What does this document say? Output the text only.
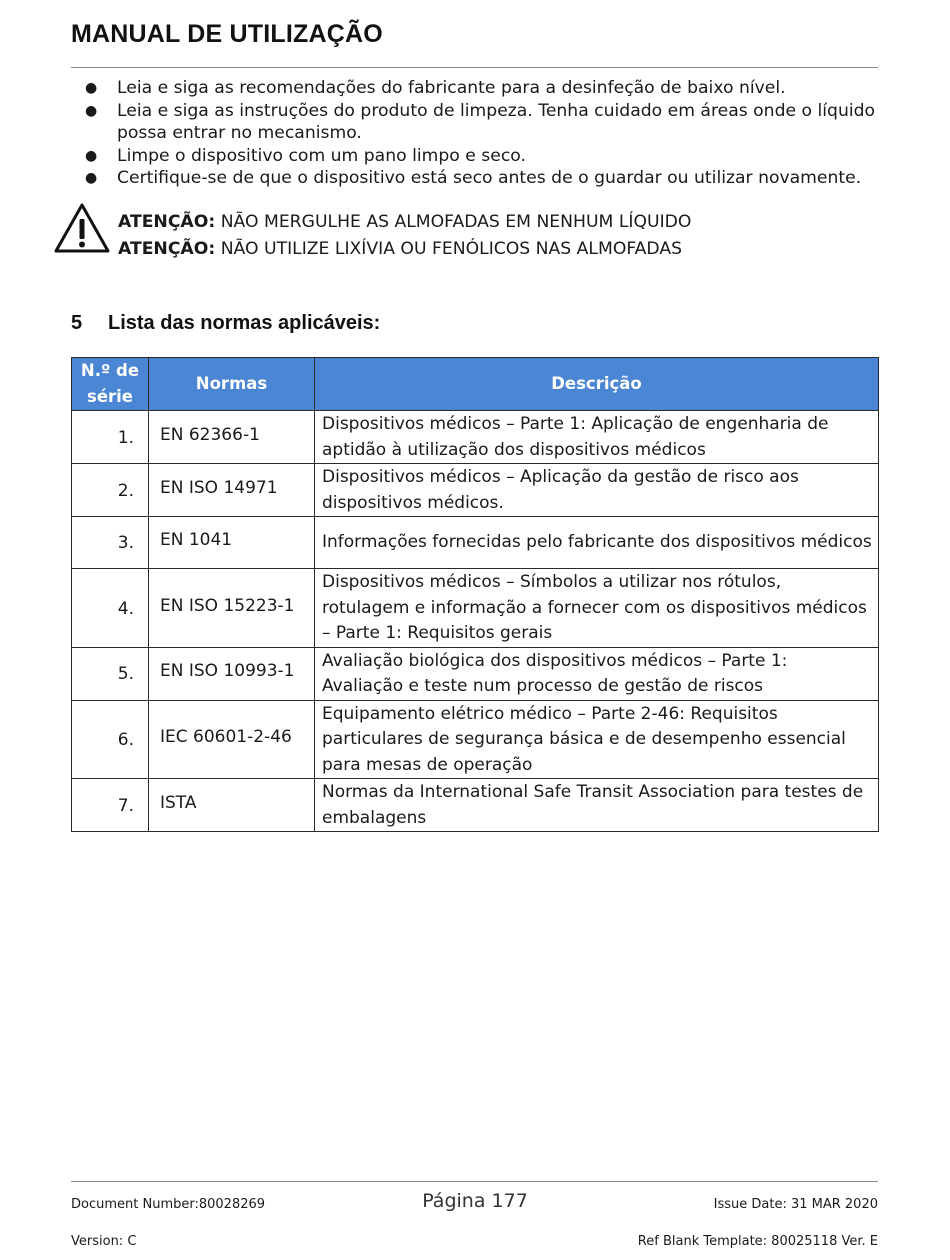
MANUAL DE UTILIZAÇÃO
● Leia e siga as recomendações do fabricante para a desinfeção de baixo nível.
● Leia e siga as instruções do produto de limpeza. Tenha cuidado em áreas onde o líquido possa entrar no mecanismo.
● Limpe o dispositivo com um pano limpo e seco.
● Certifique-se de que o dispositivo está seco antes de o guardar ou utilizar novamente.
ATENÇÃO: NÃO MERGULHE AS ALMOFADAS EM NENHUM LÍQUIDO
ATENÇÃO: NÃO UTILIZE LIXÍVIA OU FENÓLICOS NAS ALMOFADAS
5 Lista das normas aplicáveis:
N.º de série	Normas	Descrição
1.	EN 62366-1	Dispositivos médicos – Parte 1: Aplicação de engenharia de aptidão à utilização dos dispositivos médicos
2.	EN ISO 14971	Dispositivos médicos – Aplicação da gestão de risco aos dispositivos médicos.
3.	EN 1041	Informações fornecidas pelo fabricante dos dispositivos médicos
4.	EN ISO 15223-1	Dispositivos médicos – Símbolos a utilizar nos rótulos, rotulagem e informação a fornecer com os dispositivos médicos – Parte 1: Requisitos gerais
5.	EN ISO 10993-1	Avaliação biológica dos dispositivos médicos – Parte 1: Avaliação e teste num processo de gestão de riscos
6.	IEC 60601-2-46	Equipamento elétrico médico – Parte 2-46: Requisitos particulares de segurança básica e de desempenho essencial para mesas de operação
7.	ISTA	Normas da International Safe Transit Association para testes de embalagens
Document Number:80028269	Página 177	Issue Date: 31 MAR 2020
Version: C	Ref Blank Template: 80025118 Ver. E
